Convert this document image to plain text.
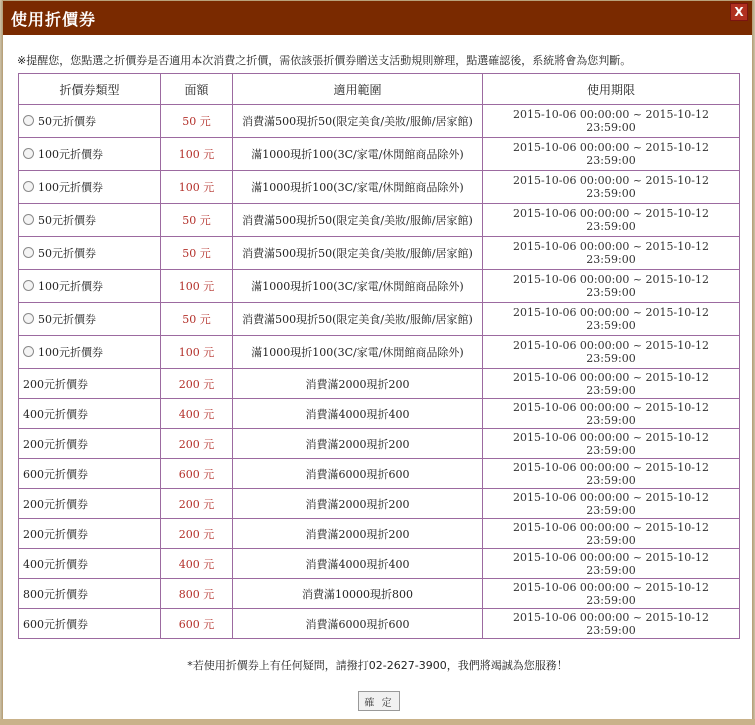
使用折價券	X
※提醒您，您點選之折價券是否適用本次消費之折價，需依該張折價券贈送支活動規則辦理，點選確認後，系統將會為您判斷。
折價券類型	面額	適用範圍	使用期限
50元折價券	50 元	消費滿500現折50(限定美食/美妝/服飾/居家館)	2015-10-06 00:00:00 ~ 2015-10-12 23:59:00
100元折價券	100 元	滿1000現折100(3C/家電/休閒館商品除外)	2015-10-06 00:00:00 ~ 2015-10-12 23:59:00
100元折價券	100 元	滿1000現折100(3C/家電/休閒館商品除外)	2015-10-06 00:00:00 ~ 2015-10-12 23:59:00
50元折價券	50 元	消費滿500現折50(限定美食/美妝/服飾/居家館)	2015-10-06 00:00:00 ~ 2015-10-12 23:59:00
50元折價券	50 元	消費滿500現折50(限定美食/美妝/服飾/居家館)	2015-10-06 00:00:00 ~ 2015-10-12 23:59:00
100元折價券	100 元	滿1000現折100(3C/家電/休閒館商品除外)	2015-10-06 00:00:00 ~ 2015-10-12 23:59:00
50元折價券	50 元	消費滿500現折50(限定美食/美妝/服飾/居家館)	2015-10-06 00:00:00 ~ 2015-10-12 23:59:00
100元折價券	100 元	滿1000現折100(3C/家電/休閒館商品除外)	2015-10-06 00:00:00 ~ 2015-10-12 23:59:00
200元折價券	200 元	消費滿2000現折200	2015-10-06 00:00:00 ~ 2015-10-12 23:59:00
400元折價券	400 元	消費滿4000現折400	2015-10-06 00:00:00 ~ 2015-10-12 23:59:00
200元折價券	200 元	消費滿2000現折200	2015-10-06 00:00:00 ~ 2015-10-12 23:59:00
600元折價券	600 元	消費滿6000現折600	2015-10-06 00:00:00 ~ 2015-10-12 23:59:00
200元折價券	200 元	消費滿2000現折200	2015-10-06 00:00:00 ~ 2015-10-12 23:59:00
200元折價券	200 元	消費滿2000現折200	2015-10-06 00:00:00 ~ 2015-10-12 23:59:00
400元折價券	400 元	消費滿4000現折400	2015-10-06 00:00:00 ~ 2015-10-12 23:59:00
800元折價券	800 元	消費滿10000現折800	2015-10-06 00:00:00 ~ 2015-10-12 23:59:00
600元折價券	600 元	消費滿6000現折600	2015-10-06 00:00:00 ~ 2015-10-12 23:59:00
*若使用折價券上有任何疑問，請撥打02-2627-3900，我們將竭誠為您服務！
確 定
